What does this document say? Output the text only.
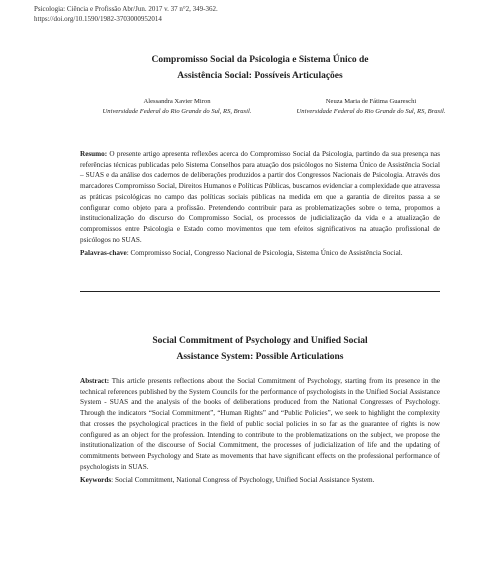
Psicologia: Ciência e Profissão Abr/Jun. 2017 v. 37 n°2, 349-362.
https://doi.org/10.1590/1982-3703000952014
Compromisso Social da Psicologia e Sistema Único de
Assistência Social: Possíveis Articulações
Alessandra Xavier Miron
Universidade Federal do Rio Grande do Sul, RS, Brasil.
Neuza Maria de Fátima Guareschi
Universidade Federal do Rio Grande do Sul, RS, Brasil.

Resumo: O presente artigo apresenta reflexões acerca do Compromisso Social da Psicologia, partindo da sua presença nas referências técnicas publicadas pelo Sistema Conselhos para atuação dos psicólogos no Sistema Único de Assistência Social – SUAS e da análise dos cadernos de deliberações produzidos a partir dos Congressos Nacionais de Psicologia. Através dos marcadores Compromisso Social, Direitos Humanos e Políticas Públicas, buscamos evidenciar a complexidade que atravessa as práticas psicológicas no campo das políticas sociais públicas na medida em que a garantia de direitos passa a se configurar como objeto para a profissão. Pretendendo contribuir para as problematizações sobre o tema, propomos a institucionalização do discurso do Compromisso Social, os processos de judicialização da vida e a atualização de compromissos entre Psicologia e Estado como movimentos que tem efeitos significativos na atuação profissional de psicólogos no SUAS.

Palavras-chave: Compromisso Social, Congresso Nacional de Psicologia, Sistema Único de Assistência Social.

Social Commitment of Psychology and Unified Social
Assistance System: Possible Articulations

Abstract: This article presents reflections about the Social Commitment of Psychology, starting from its presence in the technical references published by the System Councils for the performance of psychologists in the Unified Social Assistance System - SUAS and the analysis of the books of deliberations produced from the National Congresses of Psychology. Through the indicators “Social Commitment”, “Human Rights” and “Public Policies”, we seek to highlight the complexity that crosses the psychological practices in the field of public social policies in so far as the guarantee of rights is now configured as an object for the profession. Intending to contribute to the problematizations on the subject, we propose the institutionalization of the discourse of Social Commitment, the processes of judicialization of life and the updating of commitments between Psychology and State as movements that have significant effects on the professional performance of psychologists in SUAS.

Keywords: Social Commitment, National Congress of Psychology, Unified Social Assistance System.
